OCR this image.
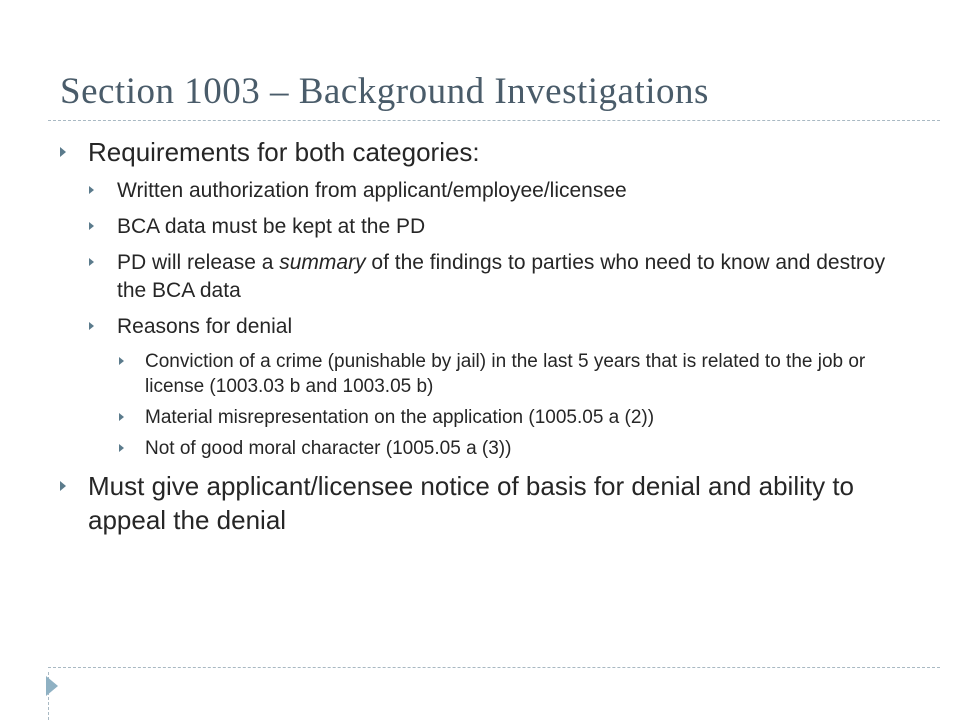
Section 1003 – Background Investigations
Requirements for both categories:
Written authorization from applicant/employee/licensee
BCA data must be kept at the PD
PD will release a summary of the findings to parties who need to know and destroy the BCA data
Reasons for denial
Conviction of a crime (punishable by jail) in the last 5 years that is related to the job or license (1003.03 b and 1003.05 b)
Material misrepresentation on the application (1005.05 a (2))
Not of good moral character (1005.05 a (3))
Must give applicant/licensee notice of basis for denial and ability to appeal the denial
